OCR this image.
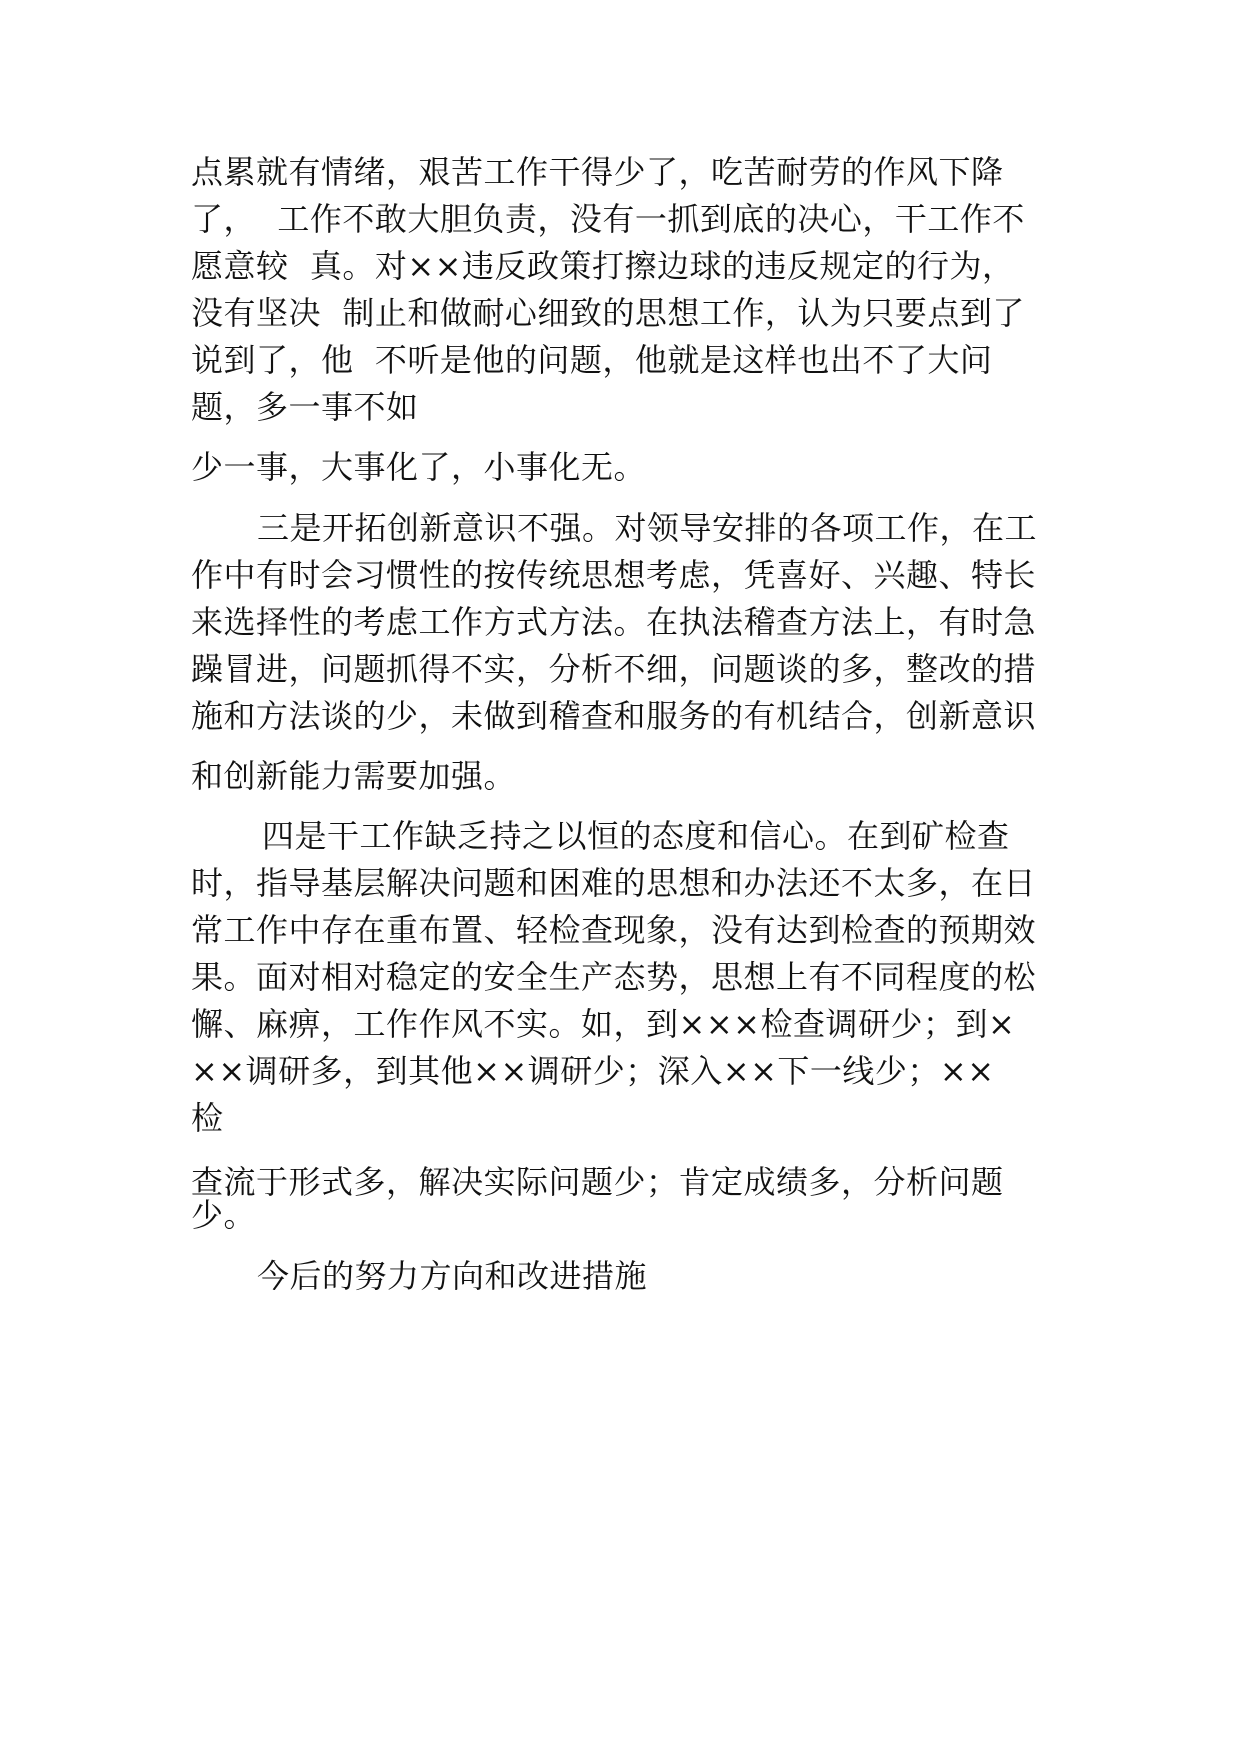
点累就有情绪，艰苦工作干得少了，吃苦耐劳的作风下降
了，  工作不敢大胆负责，没有一抓到底的决心，干工作不
愿意较  真。对××违反政策打擦边球的违反规定的行为，
没有坚决  制止和做耐心细致的思想工作，认为只要点到了
说到了，他  不听是他的问题，他就是这样也出不了大问
题，多一事不如
少一事，大事化了，小事化无。
三是开拓创新意识不强。对领导安排的各项工作，在工
作中有时会习惯性的按传统思想考虑，凭喜好、兴趣、特长
来选择性的考虑工作方式方法。在执法稽查方法上，有时急
躁冒进，问题抓得不实，分析不细，问题谈的多，整改的措
施和方法谈的少，未做到稽查和服务的有机结合，创新意识
和创新能力需要加强。
四是干工作缺乏持之以恒的态度和信心。在到矿检查
时，指导基层解决问题和困难的思想和办法还不太多，在日
常工作中存在重布置、轻检查现象，没有达到检查的预期效
果。面对相对稳定的安全生产态势，思想上有不同程度的松
懈、麻痹，工作作风不实。如，到×××检查调研少；到×
××调研多，到其他××调研少；深入××下一线少；××
检
查流于形式多，解决实际问题少；肯定成绩多，分析问题
少。
今后的努力方向和改进措施
